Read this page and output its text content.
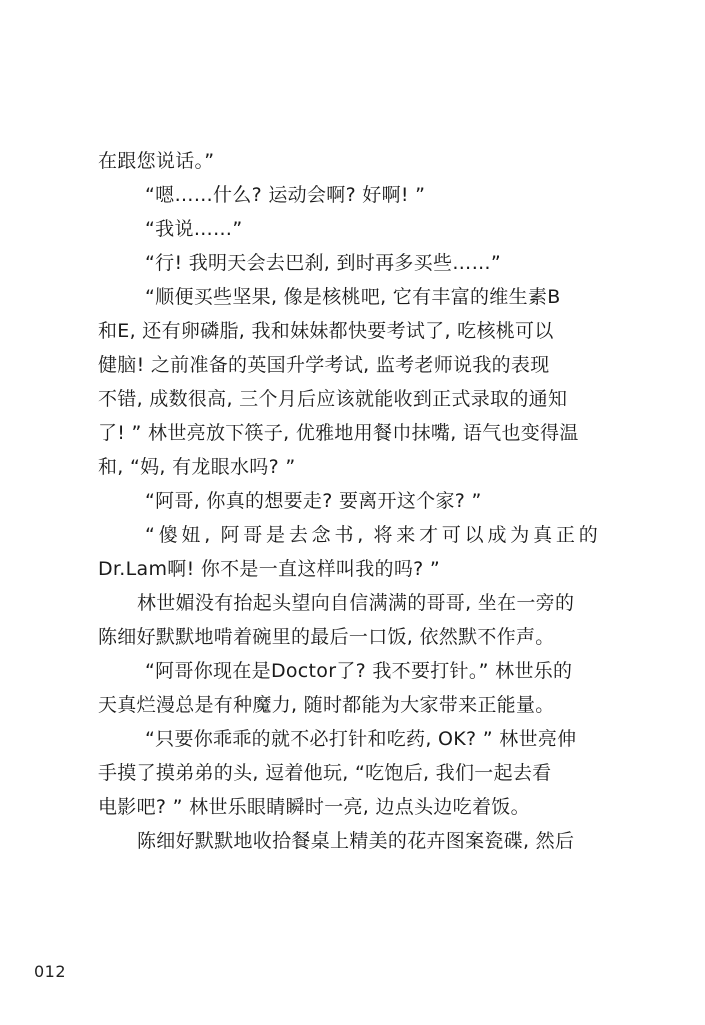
在跟您说话。”
“嗯……什么? 运动会啊? 好啊! ”
“我说……”
“行! 我明天会去巴刹, 到时再多买些……”
“顺便买些坚果, 像是核桃吧, 它有丰富的维生素B
和E, 还有卵磷脂, 我和妹妹都快要考试了, 吃核桃可以
健脑! 之前准备的英国升学考试, 监考老师说我的表现
不错, 成数很高, 三个月后应该就能收到正式录取的通知
了! ” 林世亮放下筷子, 优雅地用餐巾抹嘴, 语气也变得温
和, “妈, 有龙眼水吗? ”
“阿哥, 你真的想要走? 要离开这个家? ”
“傻妞, 阿哥是去念书, 将来才可以成为真正的
Dr.Lam啊! 你不是一直这样叫我的吗? ”
林世媚没有抬起头望向自信满满的哥哥, 坐在一旁的
陈细好默默地啃着碗里的最后一口饭, 依然默不作声。
“阿哥你现在是Doctor了? 我不要打针。” 林世乐的
天真烂漫总是有种魔力, 随时都能为大家带来正能量。
“只要你乖乖的就不必打针和吃药, OK? ” 林世亮伸
手摸了摸弟弟的头, 逗着他玩, “吃饱后, 我们一起去看
电影吧? ” 林世乐眼睛瞬时一亮, 边点头边吃着饭。
陈细好默默地收拾餐桌上精美的花卉图案瓷碟, 然后
012
